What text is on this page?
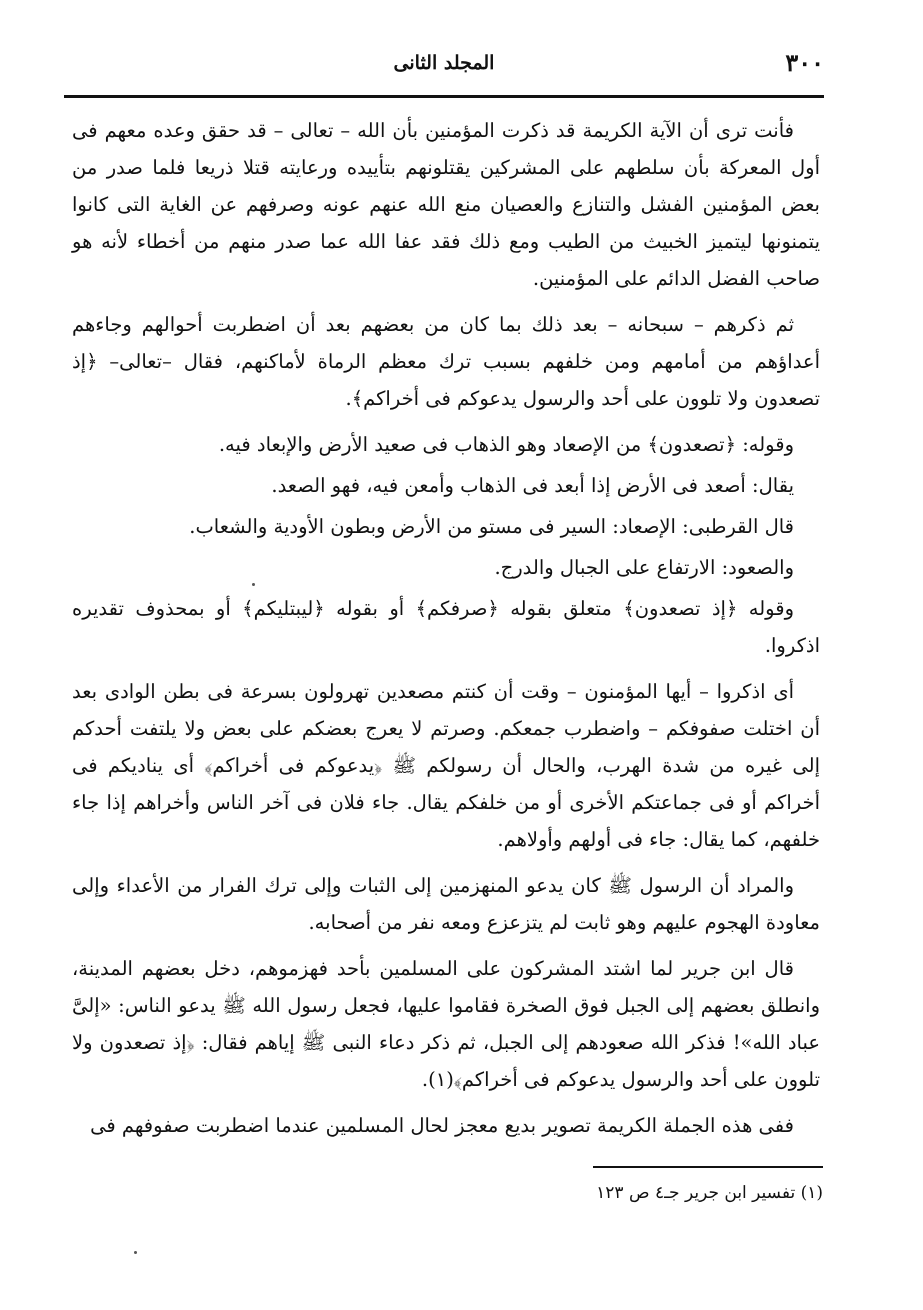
٣٠٠
المجلد الثانى

فأنت ترى أن الآية الكريمة قد ذكرت المؤمنين بأن الله – تعالى – قد حقق وعده معهم فى أول المعركة بأن سلطهم على المشركين يقتلونهم بتأييده ورعايته قتلا ذريعا فلما صدر من بعض المؤمنين الفشل والتنازع والعصيان منع الله عنهم عونه وصرفهم عن الغاية التى كانوا يتمنونها ليتميز الخبيث من الطيب ومع ذلك فقد عفا الله عما صدر منهم من أخطاء لأنه هو صاحب الفضل الدائم على المؤمنين.

ثم ذكرهم – سبحانه – بعد ذلك بما كان من بعضهم بعد أن اضطربت أحوالهم وجاءهم أعداؤهم من أمامهم ومن خلفهم بسبب ترك معظم الرماة لأماكنهم، فقال –تعالى– ﴿إذ تصعدون ولا تلوون على أحد والرسول يدعوكم فى أخراكم﴾.

وقوله: ﴿تصعدون﴾ من الإصعاد وهو الذهاب فى صعيد الأرض والإبعاد فيه.

يقال: أصعد فى الأرض إذا أبعد فى الذهاب وأمعن فيه، فهو الصعد.

قال القرطبى: الإصعاد: السير فى مستو من الأرض وبطون الأودية والشعاب.

والصعود: الارتفاع على الجبال والدرج.

وقوله ﴿إذ تصعدون﴾ متعلق بقوله ﴿صرفكم﴾ أو بقوله ﴿ليبتليكم﴾ أو بمحذوف تقديره اذكروا.

أى اذكروا – أيها المؤمنون – وقت أن كنتم مصعدين تهرولون بسرعة فى بطن الوادى بعد أن اختلت صفوفكم – واضطرب جمعكم. وصرتم لا يعرج بعضكم على بعض ولا يلتفت أحدكم إلى غيره من شدة الهرب، والحال أن رسولكم ﷺ ﴿يدعوكم فى أخراكم﴾ أى يناديكم فى أخراكم أو فى جماعتكم الأخرى أو من خلفكم يقال. جاء فلان فى آخر الناس وأخراهم إذا جاء خلفهم، كما يقال: جاء فى أولهم وأولاهم.

والمراد أن الرسول ﷺ كان يدعو المنهزمين إلى الثبات وإلى ترك الفرار من الأعداء وإلى معاودة الهجوم عليهم وهو ثابت لم يتزعزع ومعه نفر من أصحابه.

قال ابن جرير لما اشتد المشركون على المسلمين بأحد فهزموهم، دخل بعضهم المدينة، وانطلق بعضهم إلى الجبل فوق الصخرة فقاموا عليها، فجعل رسول الله ﷺ يدعو الناس: «إلىَّ عباد الله»! فذكر الله صعودهم إلى الجبل، ثم ذكر دعاء النبى ﷺ إياهم فقال: ﴿إذ تصعدون ولا تلوون على أحد والرسول يدعوكم فى أخراكم﴾(١).

ففى هذه الجملة الكريمة تصوير بديع معجز لحال المسلمين عندما اضطربت صفوفهم فى

(١) تفسير ابن جرير جـ٤ ص ١٢٣
